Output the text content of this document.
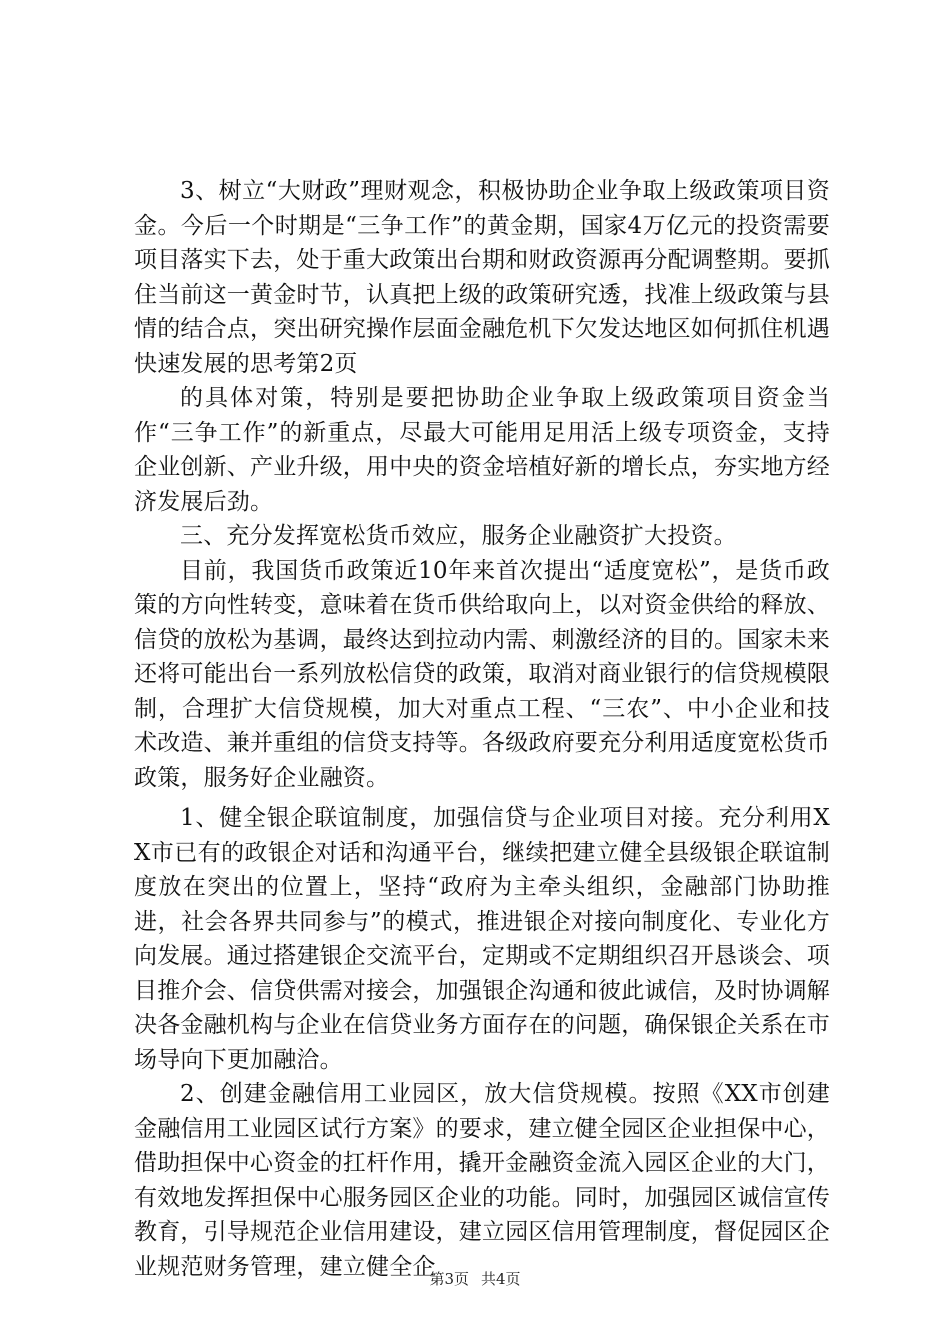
3、树立“大财政”理财观念，积极协助企业争取上级政策项目资金。今后一个时期是“三争工作”的黄金期，国家4万亿元的投资需要项目落实下去，处于重大政策出台期和财政资源再分配调整期。要抓住当前这一黄金时节，认真把上级的政策研究透，找准上级政策与县情的结合点，突出研究操作层面金融危机下欠发达地区如何抓住机遇快速发展的思考第2页

的具体对策，特别是要把协助企业争取上级政策项目资金当作“三争工作”的新重点，尽最大可能用足用活上级专项资金，支持企业创新、产业升级，用中央的资金培植好新的增长点，夯实地方经济发展后劲。

三、充分发挥宽松货币效应，服务企业融资扩大投资。

目前，我国货币政策近10年来首次提出“适度宽松”，是货币政策的方向性转变，意味着在货币供给取向上，以对资金供给的释放、信贷的放松为基调，最终达到拉动内需、刺激经济的目的。国家未来还将可能出台一系列放松信贷的政策，取消对商业银行的信贷规模限制，合理扩大信贷规模，加大对重点工程、“三农”、中小企业和技术改造、兼并重组的信贷支持等。各级政府要充分利用适度宽松货币政策，服务好企业融资。

1、健全银企联谊制度，加强信贷与企业项目对接。充分利用XX市已有的政银企对话和沟通平台，继续把建立健全县级银企联谊制度放在突出的位置上，坚持“政府为主牵头组织，金融部门协助推进，社会各界共同参与”的模式，推进银企对接向制度化、专业化方向发展。通过搭建银企交流平台，定期或不定期组织召开恳谈会、项目推介会、信贷供需对接会，加强银企沟通和彼此诚信，及时协调解决各金融机构与企业在信贷业务方面存在的问题，确保银企关系在市场导向下更加融洽。

2、创建金融信用工业园区，放大信贷规模。按照《XX市创建金融信用工业园区试行方案》的要求，建立健全园区企业担保中心，借助担保中心资金的扛杆作用，撬开金融资金流入园区企业的大门，有效地发挥担保中心服务园区企业的功能。同时，加强园区诚信宣传教育，引导规范企业信用建设，建立园区信用管理制度，督促园区企业规范财务管理，建立健全企

第3页 共4页
